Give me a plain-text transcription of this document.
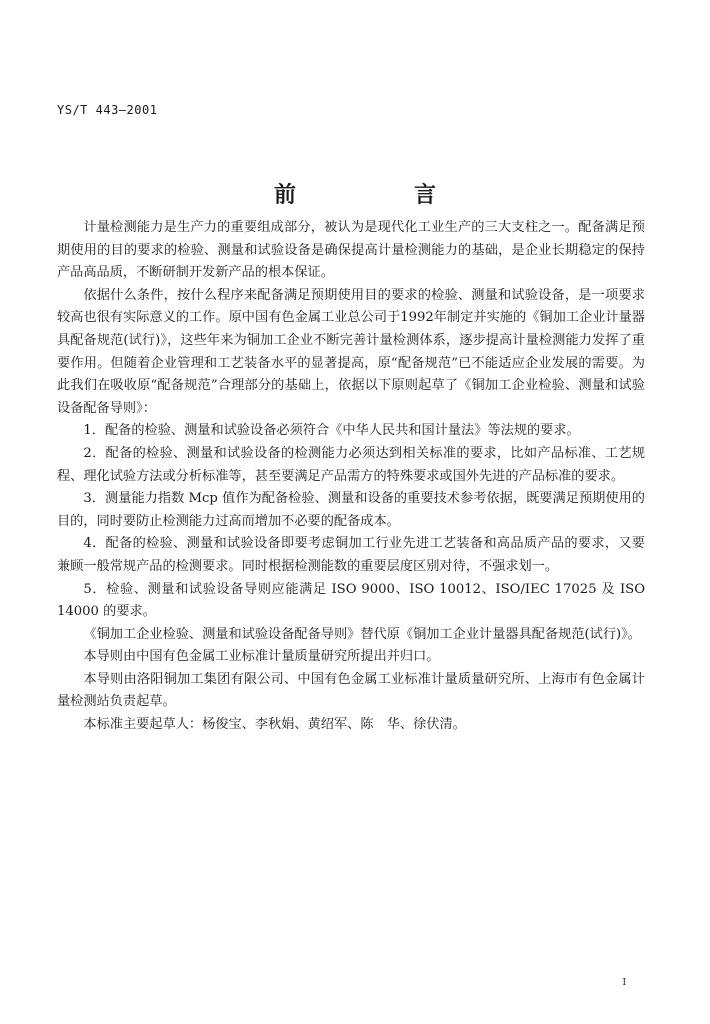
YS/T 443—2001
前　言

计量检测能力是生产力的重要组成部分，被认为是现代化工业生产的三大支柱之一。配备满足预期使用的目的要求的检验、测量和试验设备是确保提高计量检测能力的基础，是企业长期稳定的保持产品高品质，不断研制开发新产品的根本保证。

依据什么条件，按什么程序来配备满足预期使用目的要求的检验、测量和试验设备，是一项要求较高也很有实际意义的工作。原中国有色金属工业总公司于1992年制定并实施的《铜加工企业计量器具配备规范(试行)》，这些年来为铜加工企业不断完善计量检测体系，逐步提高计量检测能力发挥了重要作用。但随着企业管理和工艺装备水平的显著提高，原“配备规范”已不能适应企业发展的需要。为此我们在吸收原“配备规范”合理部分的基础上，依据以下原则起草了《铜加工企业检验、测量和试验设备配备导则》：

1．配备的检验、测量和试验设备必须符合《中华人民共和国计量法》等法规的要求。

2．配备的检验、测量和试验设备的检测能力必须达到相关标准的要求，比如产品标准、工艺规程、理化试验方法或分析标准等，甚至要满足产品需方的特殊要求或国外先进的产品标准的要求。

3．测量能力指数 Mcp 值作为配备检验、测量和设备的重要技术参考依据，既要满足预期使用的目的，同时要防止检测能力过高而增加不必要的配备成本。

4．配备的检验、测量和试验设备即要考虑铜加工行业先进工艺装备和高品质产品的要求，又要兼顾一般常规产品的检测要求。同时根据检测能数的重要层度区别对待，不强求划一。

5．检验、测量和试验设备导则应能满足 ISO 9000、ISO 10012、ISO/IEC 17025 及 ISO 14000 的要求。

《铜加工企业检验、测量和试验设备配备导则》替代原《铜加工企业计量器具配备规范(试行)》。

本导则由中国有色金属工业标准计量质量研究所提出并归口。

本导则由洛阳铜加工集团有限公司、中国有色金属工业标准计量质量研究所、上海市有色金属计量检测站负责起草。

本标准主要起草人：杨俊宝、李秋娟、黄绍军、陈　华、徐伏清。

I
